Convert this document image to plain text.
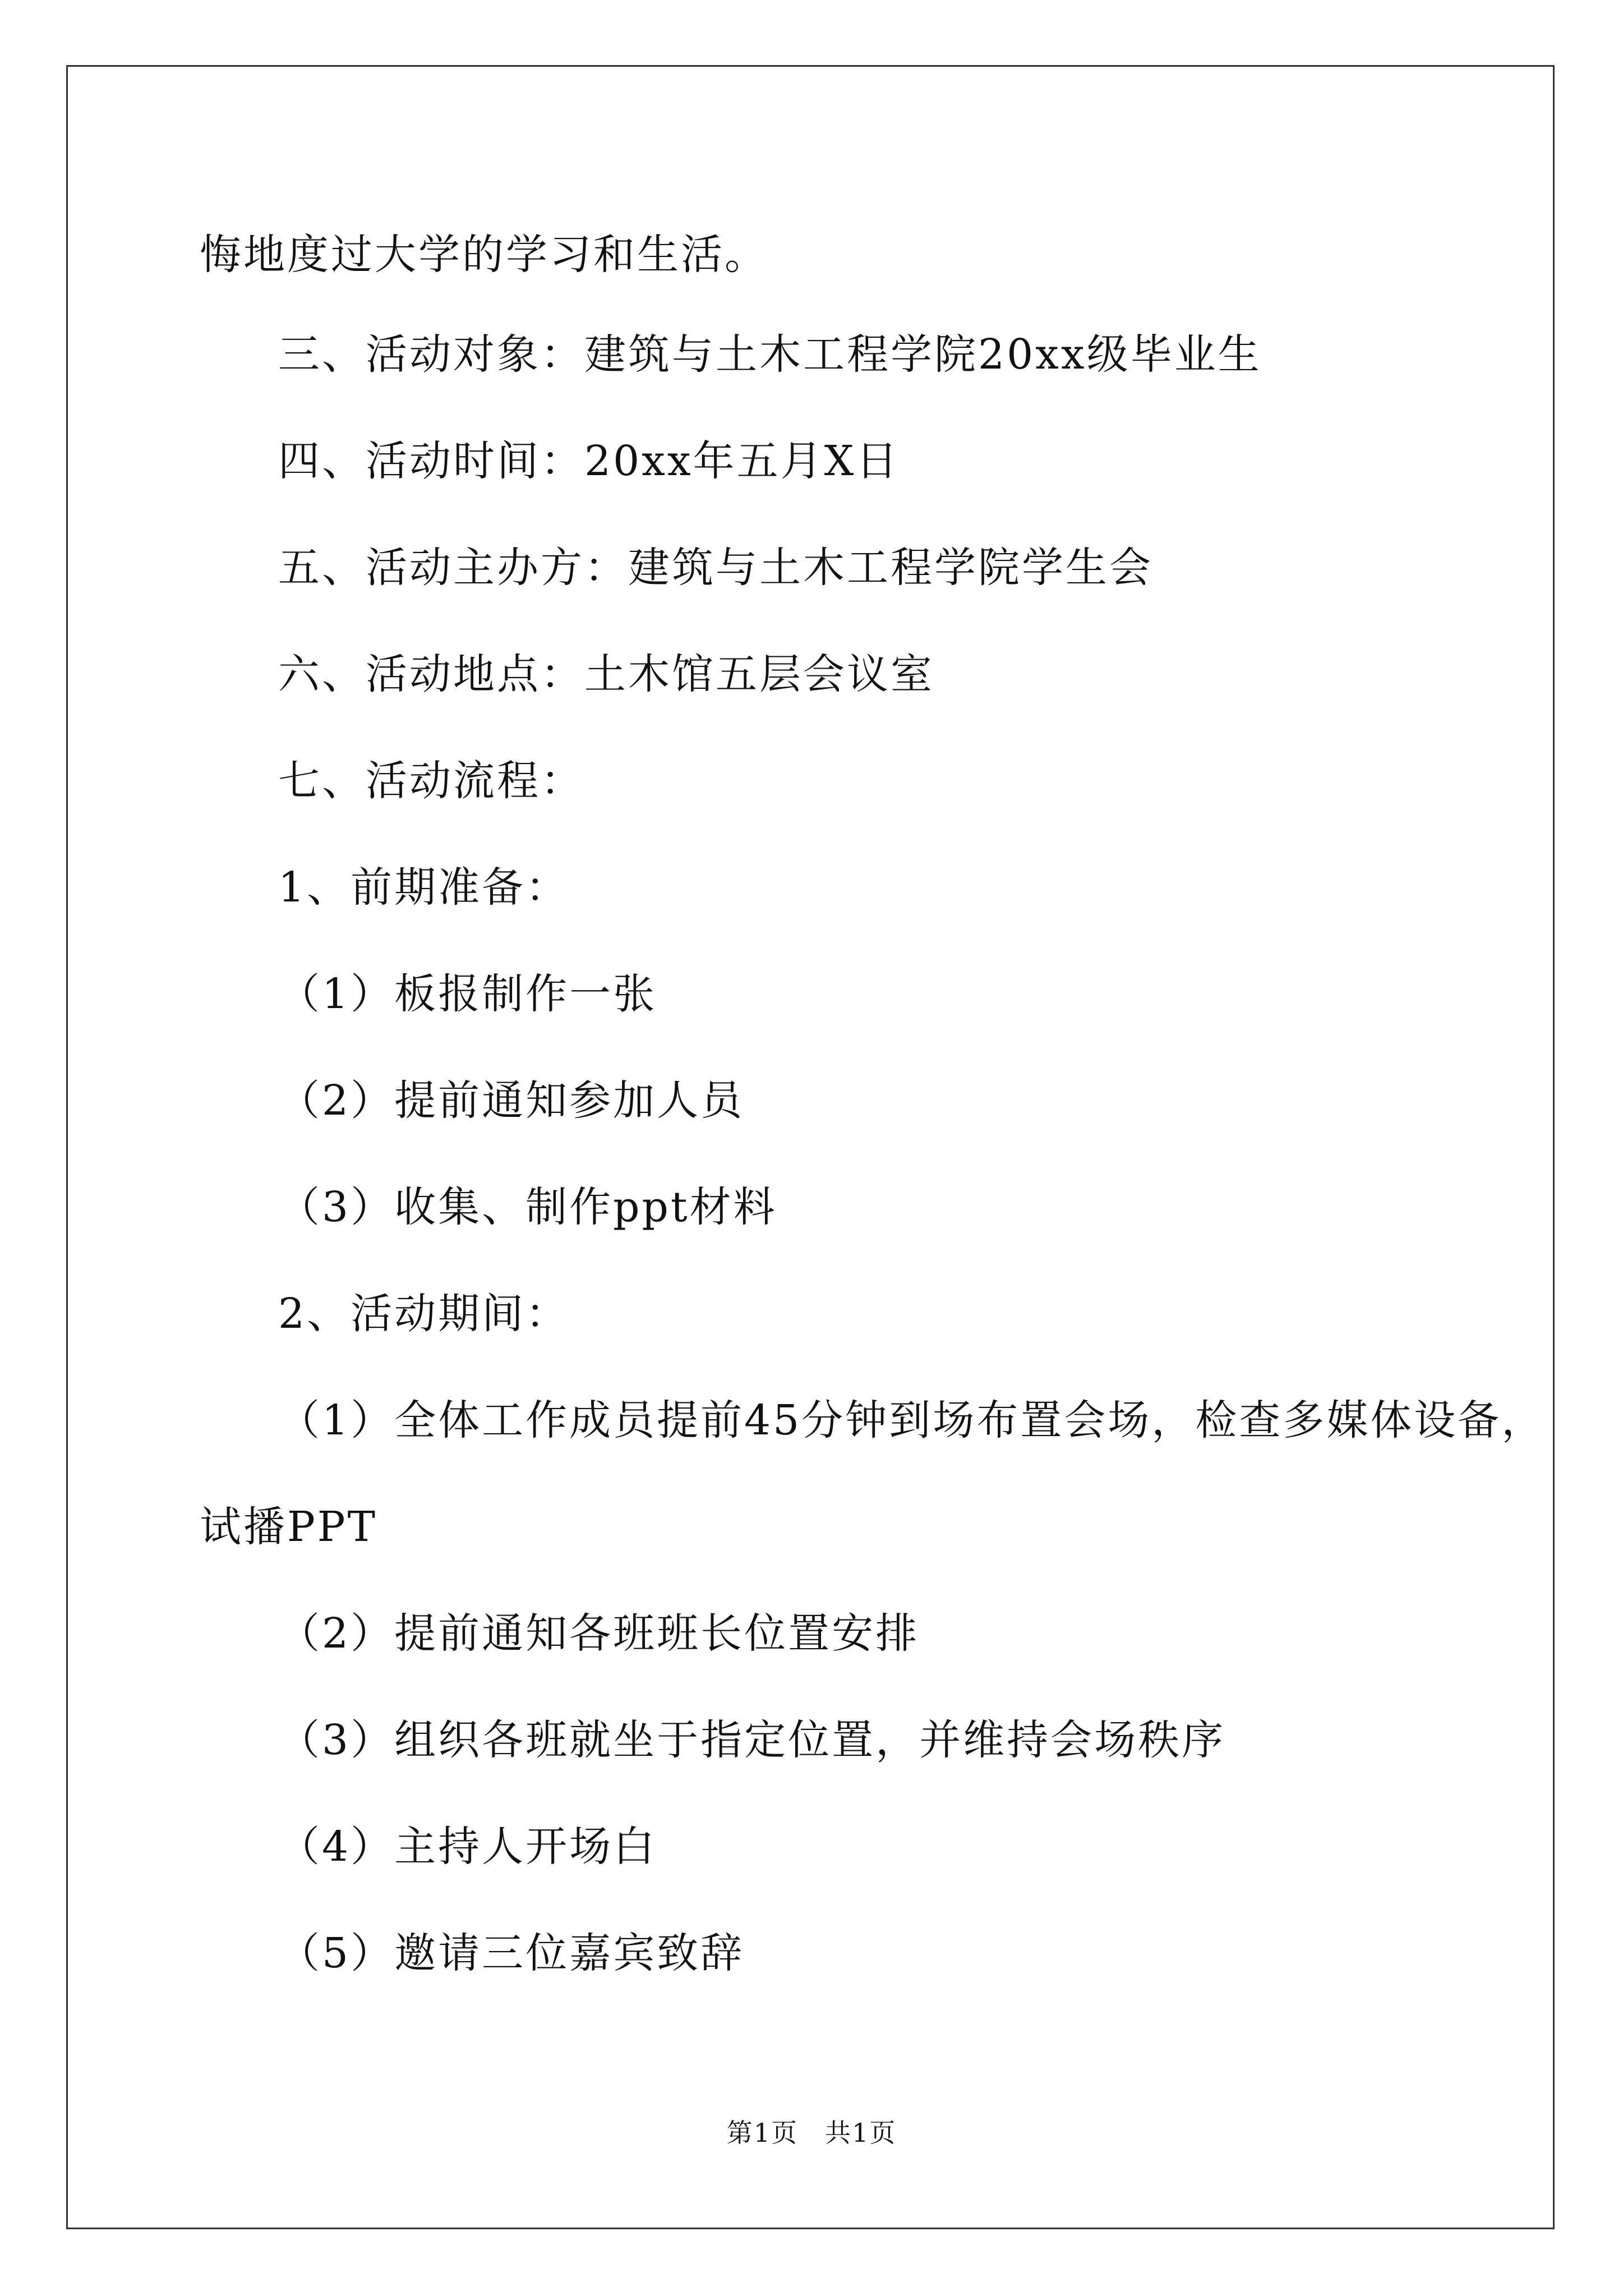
悔地度过大学的学习和生活。
三、活动对象：建筑与土木工程学院20xx级毕业生
四、活动时间：20xx年五月X日
五、活动主办方：建筑与土木工程学院学生会
六、活动地点：土木馆五层会议室
七、活动流程：
1、前期准备：
（1）板报制作一张
（2）提前通知参加人员
（3）收集、制作ppt材料
2、活动期间：
（1）全体工作成员提前45分钟到场布置会场，检查多媒体设备，
试播PPT
（2）提前通知各班班长位置安排
（3）组织各班就坐于指定位置，并维持会场秩序
（4）主持人开场白
（5）邀请三位嘉宾致辞
第1页　共1页
